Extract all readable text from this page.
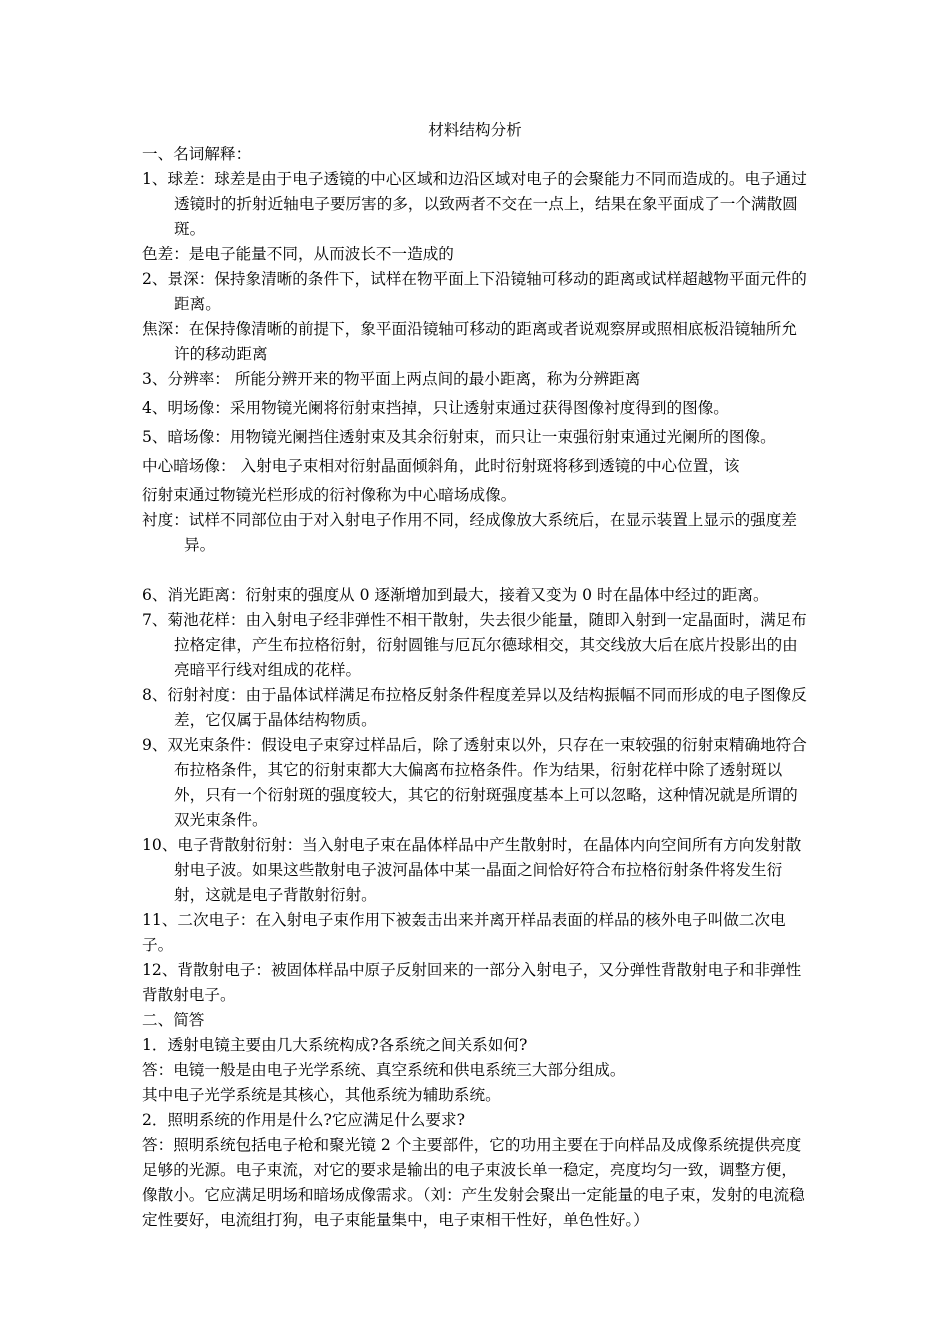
材料结构分析

一、名词解释：

1、球差：球差是由于电子透镜的中心区域和边沿区域对电子的会聚能力不同而造成的。电子通过透镜时的折射近轴电子要厉害的多，以致两者不交在一点上，结果在象平面成了一个满散圆斑。

色差：是电子能量不同，从而波长不一造成的

2、景深：保持象清晰的条件下，试样在物平面上下沿镜轴可移动的距离或试样超越物平面元件的距离。

焦深：在保持像清晰的前提下，象平面沿镜轴可移动的距离或者说观察屏或照相底板沿镜轴所允许的移动距离

3、分辨率： 所能分辨开来的物平面上两点间的最小距离，称为分辨距离

4、明场像：采用物镜光阑将衍射束挡掉，只让透射束通过获得图像衬度得到的图像。

5、暗场像：用物镜光阑挡住透射束及其余衍射束，而只让一束强衍射束通过光阑所的图像。

中心暗场像： 入射电子束相对衍射晶面倾斜角，此时衍射斑将移到透镜的中心位置，该

衍射束通过物镜光栏形成的衍衬像称为中心暗场成像。

衬度：试样不同部位由于对入射电子作用不同，经成像放大系统后，在显示装置上显示的强度差异。

6、消光距离：衍射束的强度从 0 逐渐增加到最大，接着又变为 0 时在晶体中经过的距离。

7、菊池花样：由入射电子经非弹性不相干散射，失去很少能量，随即入射到一定晶面时，满足布拉格定律，产生布拉格衍射，衍射圆锥与厄瓦尔德球相交，其交线放大后在底片投影出的由亮暗平行线对组成的花样。

8、衍射衬度：由于晶体试样满足布拉格反射条件程度差异以及结构振幅不同而形成的电子图像反差，它仅属于晶体结构物质。

9、双光束条件：假设电子束穿过样品后，除了透射束以外，只存在一束较强的衍射束精确地符合布拉格条件，其它的衍射束都大大偏离布拉格条件。作为结果，衍射花样中除了透射斑以外，只有一个衍射斑的强度较大，其它的衍射斑强度基本上可以忽略，这种情况就是所谓的双光束条件。

10、电子背散射衍射：当入射电子束在晶体样品中产生散射时，在晶体内向空间所有方向发射散射电子波。如果这些散射电子波河晶体中某一晶面之间恰好符合布拉格衍射条件将发生衍射，这就是电子背散射衍射。

11、二次电子：在入射电子束作用下被轰击出来并离开样品表面的样品的核外电子叫做二次电子。

12、背散射电子：被固体样品中原子反射回来的一部分入射电子，又分弹性背散射电子和非弹性背散射电子。

二、简答

1．透射电镜主要由几大系统构成?各系统之间关系如何?

答：电镜一般是由电子光学系统、真空系统和供电系统三大部分组成。

其中电子光学系统是其核心，其他系统为辅助系统。

2．照明系统的作用是什么?它应满足什么要求?

答：照明系统包括电子枪和聚光镜 2 个主要部件，它的功用主要在于向样品及成像系统提供亮度足够的光源。电子束流，对它的要求是输出的电子束波长单一稳定，亮度均匀一致，调整方便，像散小。它应满足明场和暗场成像需求。（刘：产生发射会聚出一定能量的电子束，发射的电流稳定性要好，电流组打狗，电子束能量集中，电子束相干性好，单色性好。）
